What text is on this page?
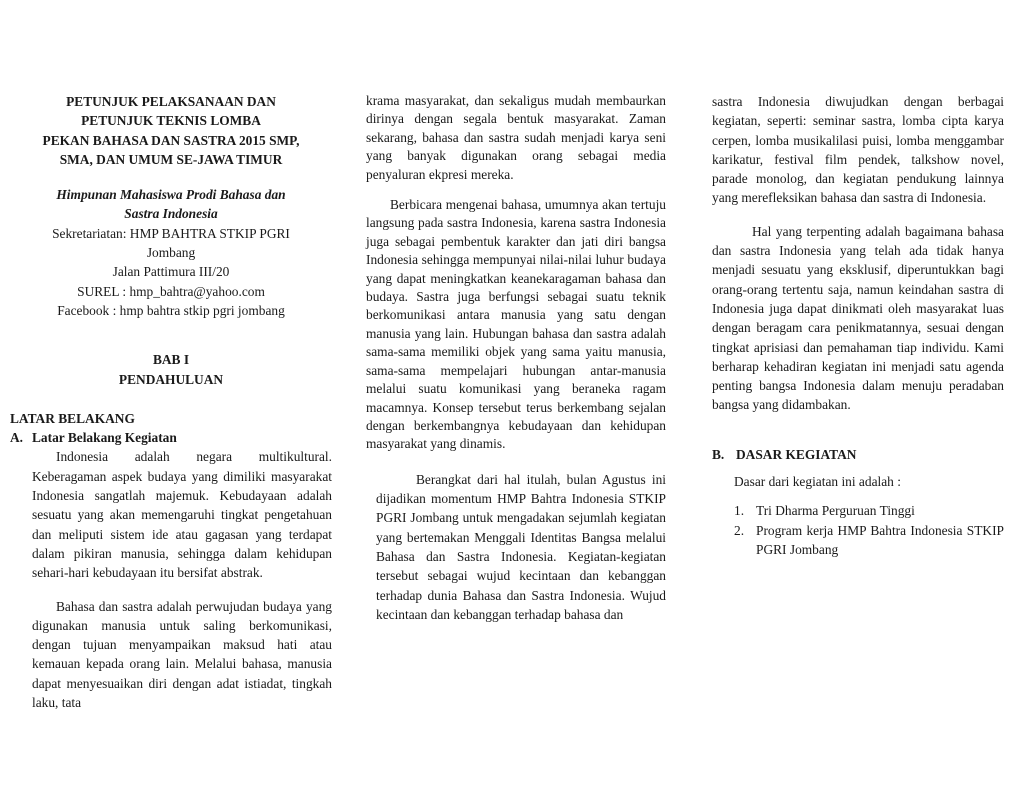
PETUNJUK PELAKSANAAN DAN
PETUNJUK TEKNIS LOMBA
PEKAN BAHASA DAN SASTRA 2015 SMP,
SMA, DAN UMUM SE-JAWA TIMUR
Himpunan Mahasiswa Prodi Bahasa dan
Sastra Indonesia
Sekretariatan: HMP BAHTRA STKIP PGRI
Jombang
Jalan Pattimura III/20
SUREL : hmp_bahtra@yahoo.com
Facebook : hmp bahtra stkip pgri jombang
BAB I
PENDAHULUAN
LATAR BELAKANG
A. Latar Belakang Kegiatan
Indonesia adalah negara multikultural. Keberagaman aspek budaya yang dimiliki masyarakat Indonesia sangatlah majemuk. Kebudayaan adalah sesuatu yang akan memengaruhi tingkat pengetahuan dan meliputi sistem ide atau gagasan yang terdapat dalam pikiran manusia, sehingga dalam kehidupan sehari-hari kebudayaan itu bersifat abstrak.
Bahasa dan sastra adalah perwujudan budaya yang digunakan manusia untuk saling berkomunikasi, dengan tujuan menyampaikan maksud hati atau kemauan kepada orang lain. Melalui bahasa, manusia dapat menyesuaikan diri dengan adat istiadat, tingkah laku, tata
krama masyarakat, dan sekaligus mudah membaurkan dirinya dengan segala bentuk masyarakat. Zaman sekarang, bahasa dan sastra sudah menjadi karya seni yang banyak digunakan orang sebagai media penyaluran ekpresi mereka.
Berbicara mengenai bahasa, umumnya akan tertuju langsung pada sastra Indonesia, karena sastra Indonesia juga sebagai pembentuk karakter dan jati diri bangsa Indonesia sehingga mempunyai nilai-nilai luhur budaya yang dapat meningkatkan keanekaragaman bahasa dan budaya. Sastra juga berfungsi sebagai suatu teknik berkomunikasi antara manusia yang satu dengan manusia yang lain. Hubungan bahasa dan sastra adalah sama-sama memiliki objek yang sama yaitu manusia, sama-sama mempelajari hubungan antar-manusia melalui suatu komunikasi yang beraneka ragam macamnya. Konsep tersebut terus berkembang sejalan dengan berkembangnya kebudayaan dan kehidupan masyarakat yang dinamis.
Berangkat dari hal itulah, bulan Agustus ini dijadikan momentum HMP Bahtra Indonesia STKIP PGRI Jombang untuk mengadakan sejumlah kegiatan yang bertemakan Menggali Identitas Bangsa melalui Bahasa dan Sastra Indonesia. Kegiatan-kegiatan tersebut sebagai wujud kecintaan dan kebanggan terhadap dunia Bahasa dan Sastra Indonesia. Wujud kecintaan dan kebanggan terhadap bahasa dan
sastra Indonesia diwujudkan dengan berbagai kegiatan, seperti: seminar sastra, lomba cipta karya cerpen, lomba musikalilasi puisi, lomba menggambar karikatur, festival film pendek, talkshow novel, parade monolog, dan kegiatan pendukung lainnya yang merefleksikan bahasa dan sastra di Indonesia.
Hal yang terpenting adalah bagaimana bahasa dan sastra Indonesia yang telah ada tidak hanya menjadi sesuatu yang eksklusif, diperuntukkan bagi orang-orang tertentu saja, namun keindahan sastra di Indonesia juga dapat dinikmati oleh masyarakat luas dengan beragam cara penikmatannya, sesuai dengan tingkat aprisiasi dan pemahaman tiap individu. Kami berharap kehadiran kegiatan ini menjadi satu agenda penting bangsa Indonesia dalam menuju peradaban bangsa yang didambakan.
B. DASAR KEGIATAN
Dasar dari kegiatan ini adalah :
1. Tri Dharma Perguruan Tinggi
2. Program kerja HMP Bahtra Indonesia STKIP PGRI Jombang
